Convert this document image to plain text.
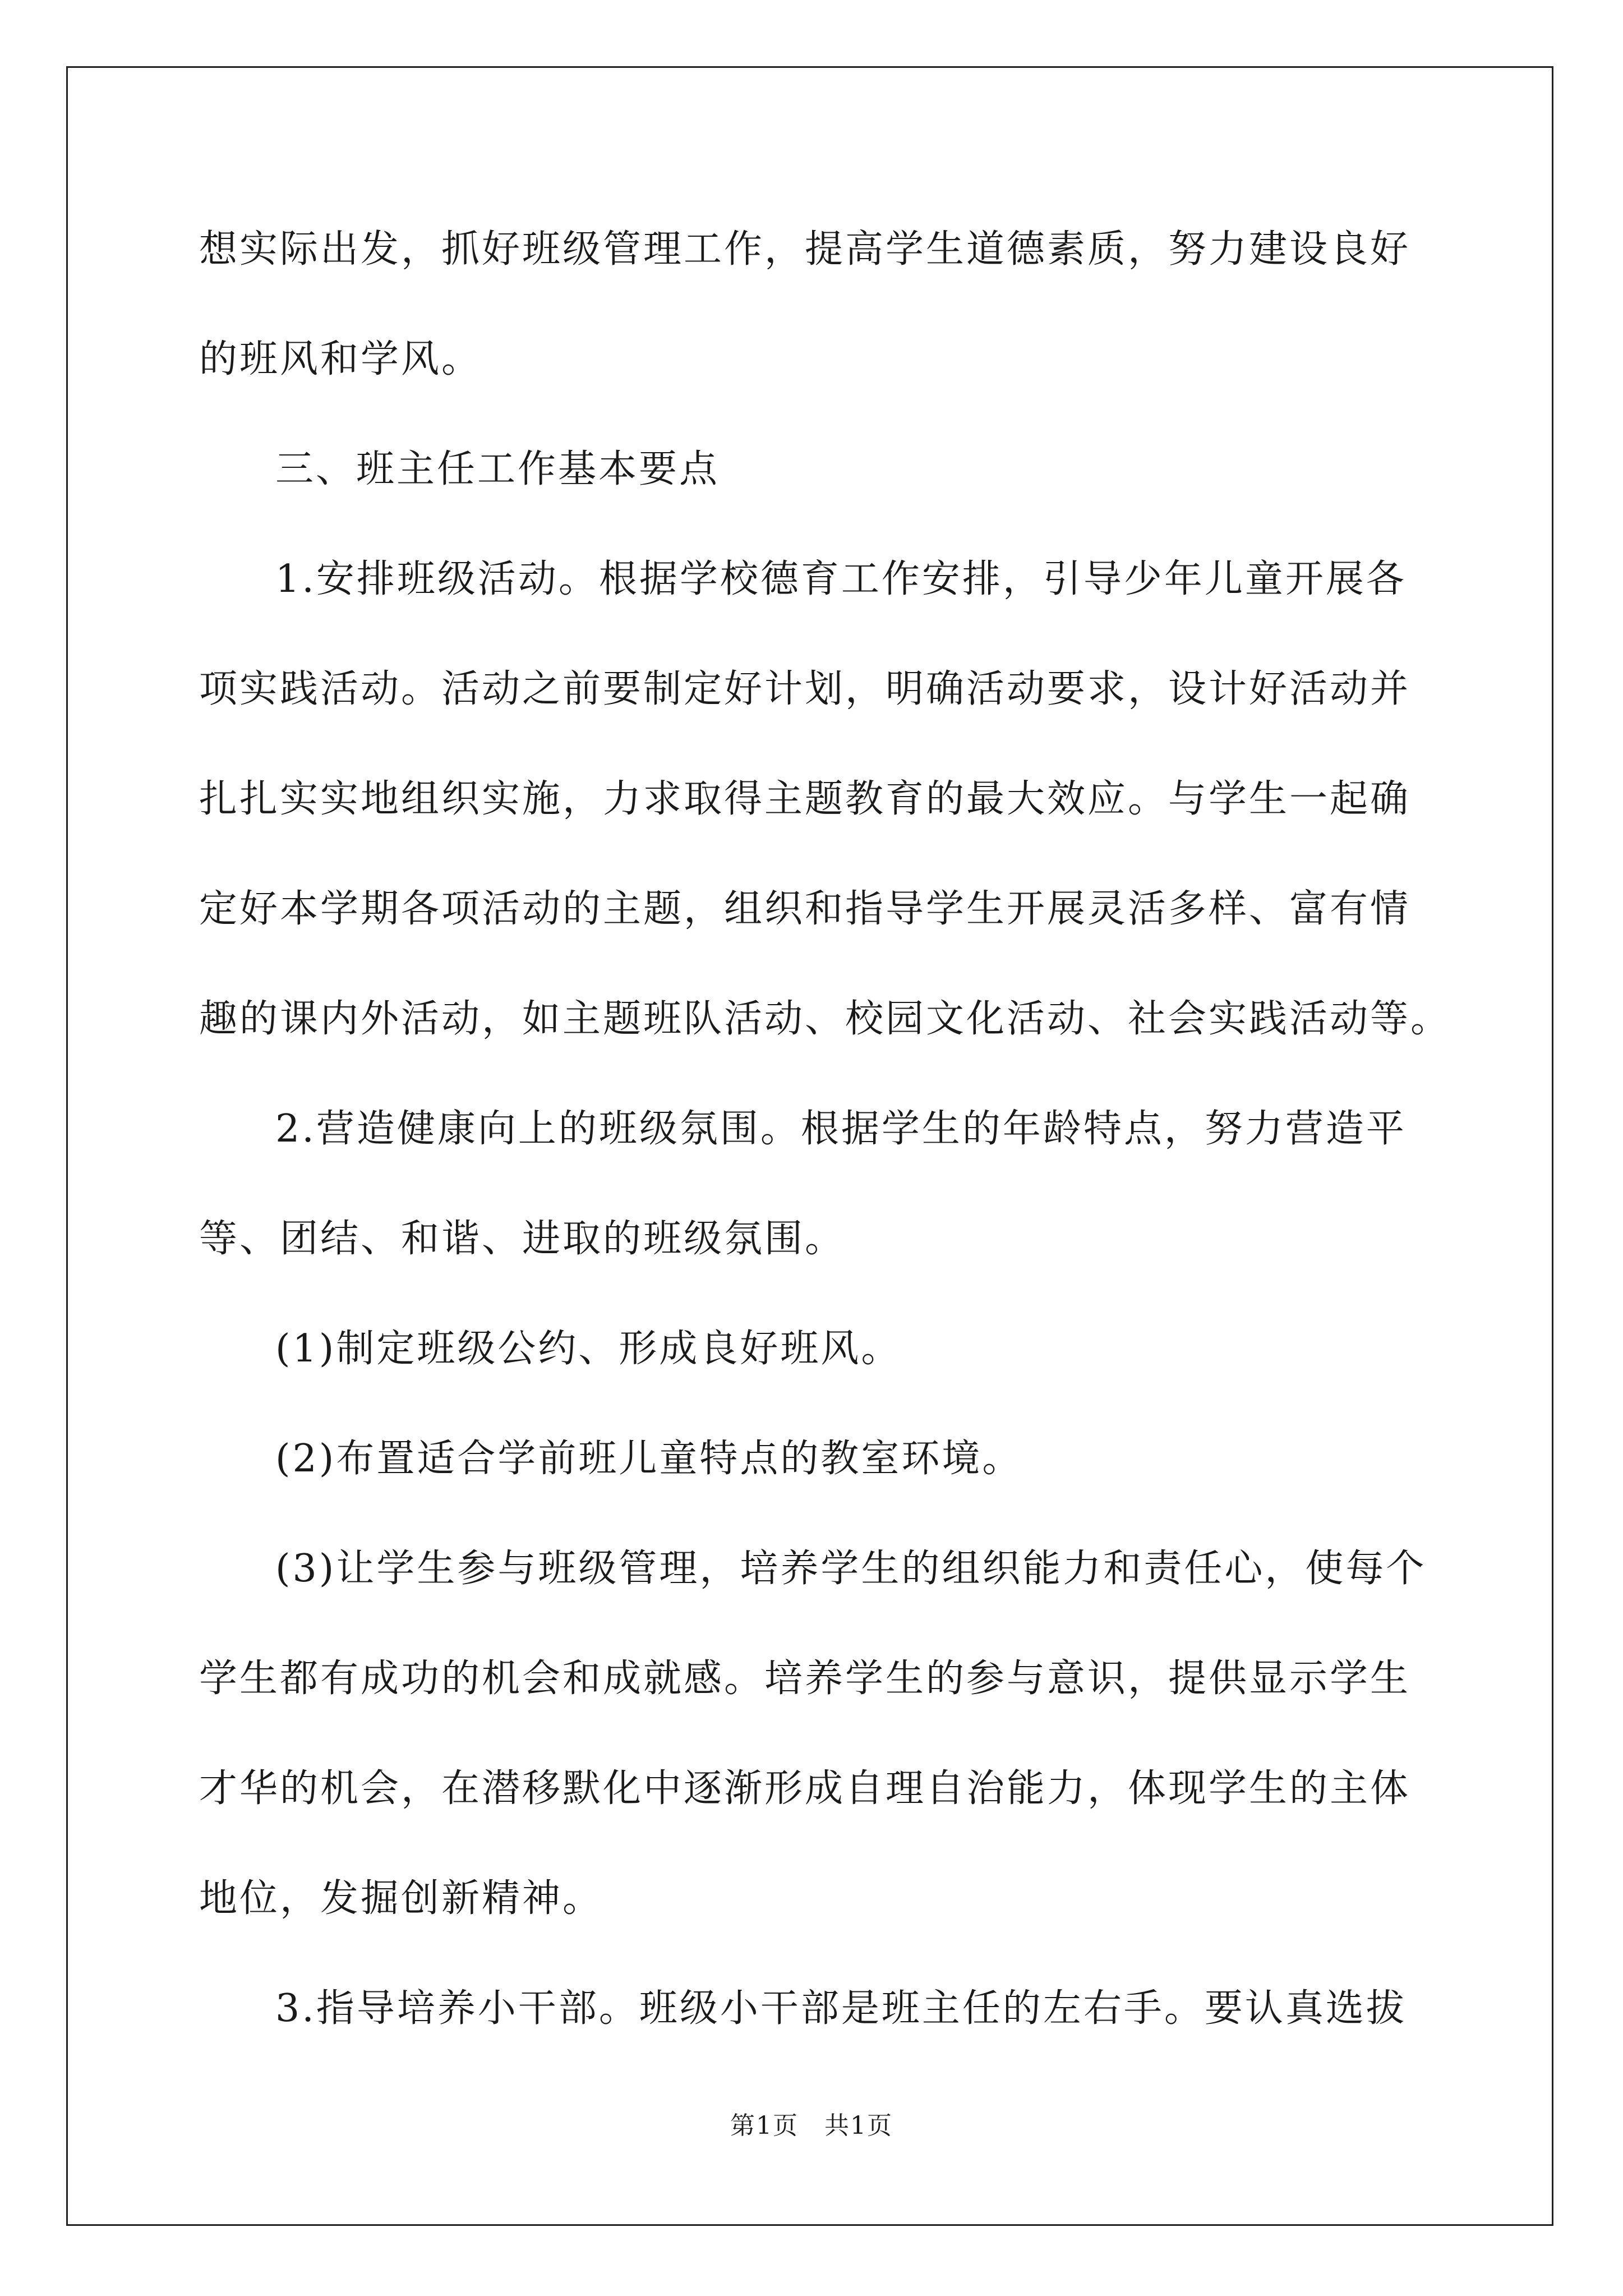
想实际出发，抓好班级管理工作，提高学生道德素质，努力建设良好
的班风和学风。
三、班主任工作基本要点
1.安排班级活动。根据学校德育工作安排，引导少年儿童开展各
项实践活动。活动之前要制定好计划，明确活动要求，设计好活动并
扎扎实实地组织实施，力求取得主题教育的最大效应。与学生一起确
定好本学期各项活动的主题，组织和指导学生开展灵活多样、富有情
趣的课内外活动，如主题班队活动、校园文化活动、社会实践活动等。
2.营造健康向上的班级氛围。根据学生的年龄特点，努力营造平
等、团结、和谐、进取的班级氛围。
(1)制定班级公约、形成良好班风。
(2)布置适合学前班儿童特点的教室环境。
(3)让学生参与班级管理，培养学生的组织能力和责任心，使每个
学生都有成功的机会和成就感。培养学生的参与意识，提供显示学生
才华的机会，在潜移默化中逐渐形成自理自治能力，体现学生的主体
地位，发掘创新精神。
3.指导培养小干部。班级小干部是班主任的左右手。要认真选拔
第1页　共1页
